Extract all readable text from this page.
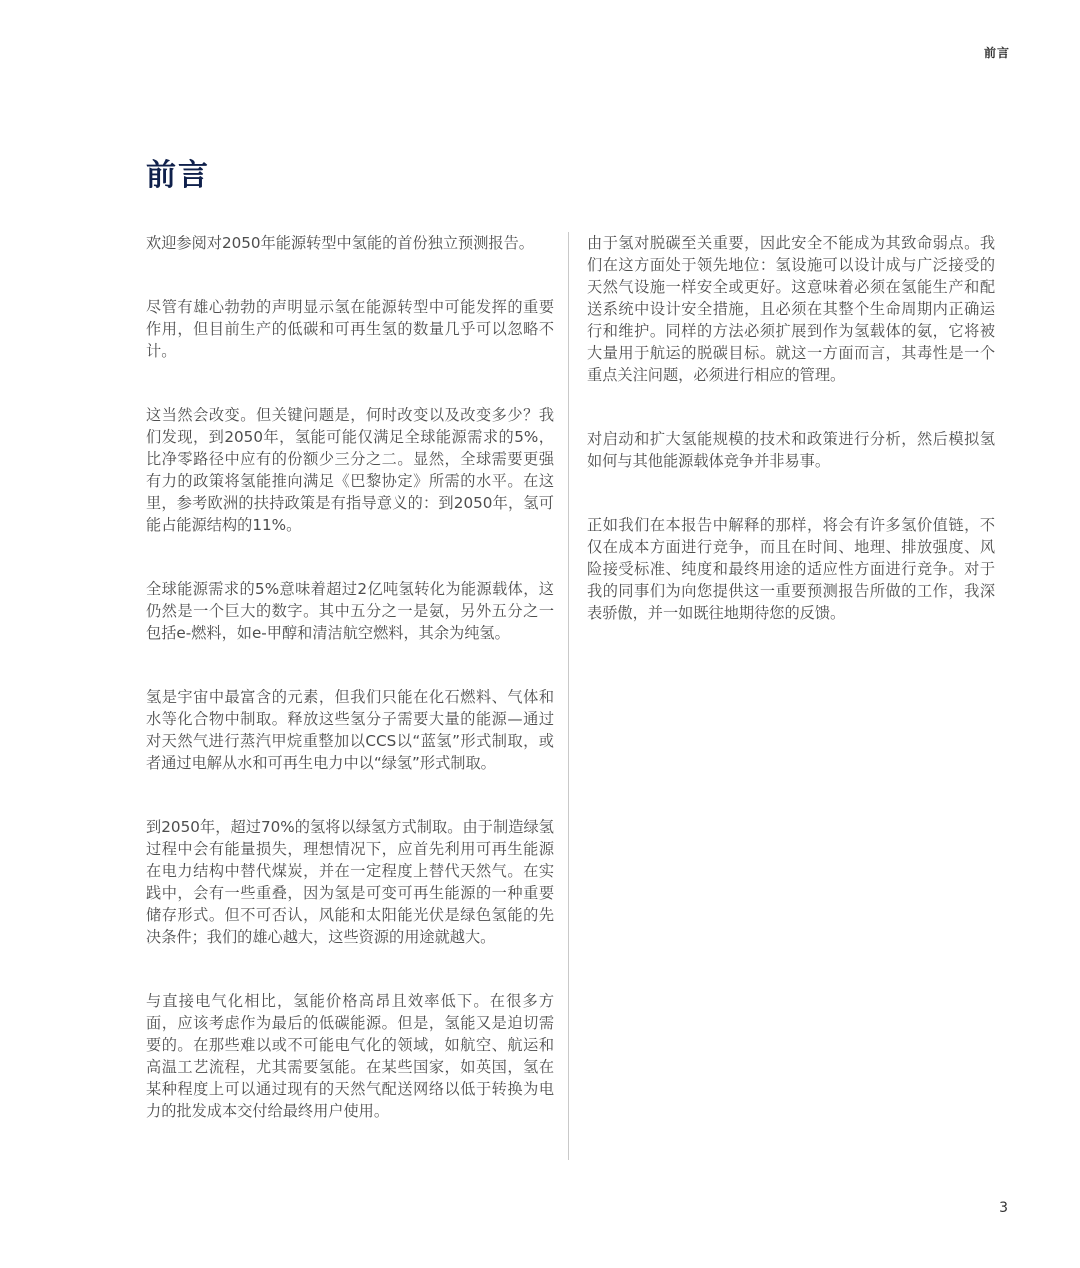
前言
前言

欢迎参阅对2050年能源转型中氢能的首份独立预测报告。

尽管有雄心勃勃的声明显示氢在能源转型中可能发挥的重要作用，但目前生产的低碳和可再生氢的数量几乎可以忽略不计。

这当然会改变。但关键问题是，何时改变以及改变多少？我们发现，到2050年，氢能可能仅满足全球能源需求的5%，比净零路径中应有的份额少三分之二。显然，全球需要更强有力的政策将氢能推向满足《巴黎协定》所需的水平。在这里，参考欧洲的扶持政策是有指导意义的：到2050年，氢可能占能源结构的11%。

全球能源需求的5%意味着超过2亿吨氢转化为能源载体，这仍然是一个巨大的数字。其中五分之一是氨，另外五分之一包括e-燃料，如e-甲醇和清洁航空燃料，其余为纯氢。

氢是宇宙中最富含的元素，但我们只能在化石燃料、气体和水等化合物中制取。释放这些氢分子需要大量的能源—通过对天然气进行蒸汽甲烷重整加以CCS以“蓝氢”形式制取，或者通过电解从水和可再生电力中以“绿氢”形式制取。

到2050年，超过70%的氢将以绿氢方式制取。由于制造绿氢过程中会有能量损失，理想情况下，应首先利用可再生能源在电力结构中替代煤炭，并在一定程度上替代天然气。在实践中，会有一些重叠，因为氢是可变可再生能源的一种重要储存形式。但不可否认，风能和太阳能光伏是绿色氢能的先决条件；我们的雄心越大，这些资源的用途就越大。

与直接电气化相比，氢能价格高昂且效率低下。在很多方面，应该考虑作为最后的低碳能源。但是，氢能又是迫切需要的。在那些难以或不可能电气化的领域，如航空、航运和高温工艺流程，尤其需要氢能。在某些国家，如英国，氢在某种程度上可以通过现有的天然气配送网络以低于转换为电力的批发成本交付给最终用户使用。

由于氢对脱碳至关重要，因此安全不能成为其致命弱点。我们在这方面处于领先地位：氢设施可以设计成与广泛接受的天然气设施一样安全或更好。这意味着必须在氢能生产和配送系统中设计安全措施，且必须在其整个生命周期内正确运行和维护。同样的方法必须扩展到作为氢载体的氨，它将被大量用于航运的脱碳目标。就这一方面而言，其毒性是一个重点关注问题，必须进行相应的管理。

对启动和扩大氢能规模的技术和政策进行分析，然后模拟氢如何与其他能源载体竞争并非易事。

正如我们在本报告中解释的那样，将会有许多氢价值链，不仅在成本方面进行竞争，而且在时间、地理、排放强度、风险接受标准、纯度和最终用途的适应性方面进行竞争。对于我的同事们为向您提供这一重要预测报告所做的工作，我深表骄傲，并一如既往地期待您的反馈。

3
